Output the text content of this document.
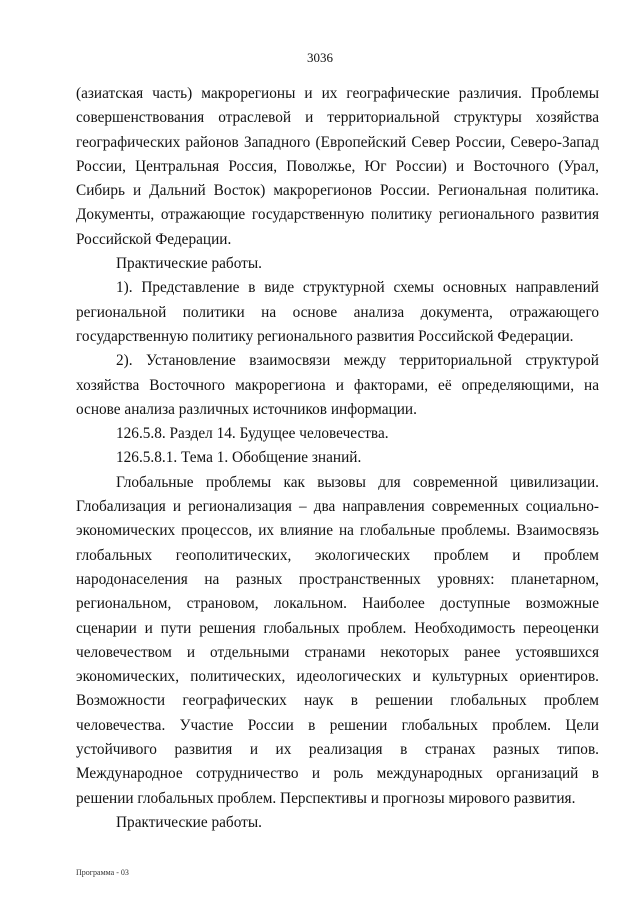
3036

(азиатская часть) макрорегионы и их географические различия. Проблемы совершенствования отраслевой и территориальной структуры хозяйства географических районов Западного (Европейский Север России, Северо-Запад России, Центральная Россия, Поволжье, Юг России) и Восточного (Урал, Сибирь и Дальний Восток) макрорегионов России. Региональная политика. Документы, отражающие государственную политику регионального развития Российской Федерации.

Практические работы.

1). Представление в виде структурной схемы основных направлений региональной политики на основе анализа документа, отражающего государственную политику регионального развития Российской Федерации.

2). Установление взаимосвязи между территориальной структурой хозяйства Восточного макрорегиона и факторами, её определяющими, на основе анализа различных источников информации.

126.5.8. Раздел 14. Будущее человечества.

126.5.8.1. Тема 1. Обобщение знаний.

Глобальные проблемы как вызовы для современной цивилизации. Глобализация и регионализация – два направления современных социально-экономических процессов, их влияние на глобальные проблемы. Взаимосвязь глобальных геополитических, экологических проблем и проблем народонаселения на разных пространственных уровнях: планетарном, региональном, страновом, локальном. Наиболее доступные возможные сценарии и пути решения глобальных проблем. Необходимость переоценки человечеством и отдельными странами некоторых ранее устоявшихся экономических, политических, идеологических и культурных ориентиров. Возможности географических наук в решении глобальных проблем человечества. Участие России в решении глобальных проблем. Цели устойчивого развития и их реализация в странах разных типов. Международное сотрудничество и роль международных организаций в решении глобальных проблем. Перспективы и прогнозы мирового развития.

Практические работы.

Программа - 03
